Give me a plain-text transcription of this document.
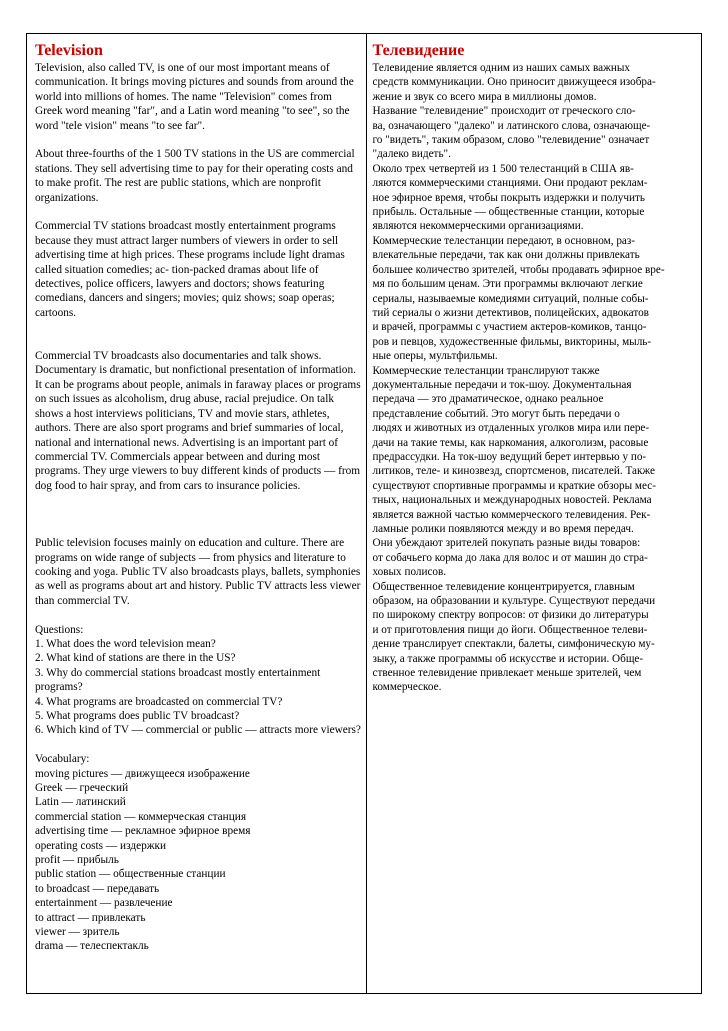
Television

Television, also called TV, is one of our most important means of communication. It brings moving pictures and sounds from around the world into millions of homes. The name "Television" comes from Greek word meaning "far", and a Latin word meaning "to see", so the word "tele vision" means "to see far".

About three-fourths of the 1 500 TV stations in the US are commercial stations. They sell advertising time to pay for their operating costs and to make profit. The rest are public stations, which are nonprofit organizations.

Commercial TV stations broadcast mostly entertainment programs because they must attract larger numbers of viewers in order to sell advertising time at high prices. These programs include light dramas called situation comedies; ac- tion-packed dramas about life of detectives, police officers, lawyers and doctors; shows featuring comedians, dancers and singers; movies; quiz shows; soap operas; cartoons.

Commercial TV broadcasts also documentaries and talk shows. Documentary is dramatic, but nonfictional presentation of information. It can be programs about people, animals in faraway places or programs on such issues as alcoholism, drug abuse, racial prejudice. On talk shows a host interviews politicians, TV and movie stars, athletes, authors. There are also sport programs and brief summaries of local, national and international news. Advertising is an important part of commercial TV. Commercials appear between and during most programs. They urge viewers to buy different kinds of products — from dog food to hair spray, and from cars to insurance policies.

Public television focuses mainly on education and culture. There are programs on wide range of subjects — from physics and literature to cooking and yoga. Public TV also broadcasts plays, ballets, symphonies as well as programs about art and history. Public TV attracts less viewer than commercial TV.

Questions:

1. What does the word television mean?

2. What kind of stations are there in the US?

3. Why do commercial stations broadcast mostly entertainment programs?

4. What programs are broadcasted on commercial TV?

5. What programs does public TV broadcast?

6. Which kind of TV — commercial or public — attracts more viewers?

Vocabulary:

moving pictures — движущееся изображение
Greek — греческий
Latin — латинский
commercial station — коммерческая станция
advertising time — рекламное эфирное время
operating costs — издержки
profit — прибыль
public station — общественные станции
to broadcast — передавать
entertainment — развлечение
to attract — привлекать
viewer — зритель
drama — телеспектакль
Телевидение
Телевидение является одним из наших самых важных
средств коммуникации. Оно приносит движущееся изобра-
жение и звук со всего мира в миллионы домов.
Название "телевидение" происходит от греческого сло-
ва, означающего "далеко" и латинского слова, означающе-
го "видеть", таким образом, слово "телевидение" означает
"далеко видеть".
Около трех четвертей из 1 500 телестанций в США яв-
ляются коммерческими станциями. Они продают реклам-
ное эфирное время, чтобы покрыть издержки и получить
прибыль. Остальные — общественные станции, которые
являются некоммерческими организациями.
Коммерческие телестанции передают, в основном, раз-
влекательные передачи, так как они должны привлекать
большее количество зрителей, чтобы продавать эфирное вре-
мя по большим ценам. Эти программы включают легкие
сериалы, называемые комедиями ситуаций, полные собы-
тий сериалы о жизни детективов, полицейских, адвокатов
и врачей, программы с участием актеров-комиков, танцо-
ров и певцов, художественные фильмы, викторины, мыль-
ные оперы, мультфильмы.
Коммерческие телестанции транслируют также
документальные передачи и ток-шоу. Документальная
передача — это драматическое, однако реальное
представление событий. Это могут быть передачи о
людях и животных из отдаленных уголков мира или пере-
дачи на такие темы, как наркомания, алкоголизм, расовые
предрассудки. На ток-шоу ведущий берет интервью у по-
литиков, теле- и кинозвезд, спортсменов, писателей. Также
существуют спортивные программы и краткие обзоры мес-
тных, национальных и международных новостей. Реклама
является важной частью коммерческого телевидения. Рек-
ламные ролики появляются между и во время передач.
Они убеждают зрителей покупать разные виды товаров:
от собачьего корма до лака для волос и от машин до стра-
ховых полисов.
Общественное телевидение концентрируется, главным
образом, на образовании и культуре. Существуют передачи
по широкому спектру вопросов: от физики до литературы
и от приготовления пищи до йоги. Общественное телеви-
дение транслирует спектакли, балеты, симфоническую му-
зыку, а также программы об искусстве и истории. Обще-
ственное телевидение привлекает меньше зрителей, чем
коммерческое.
